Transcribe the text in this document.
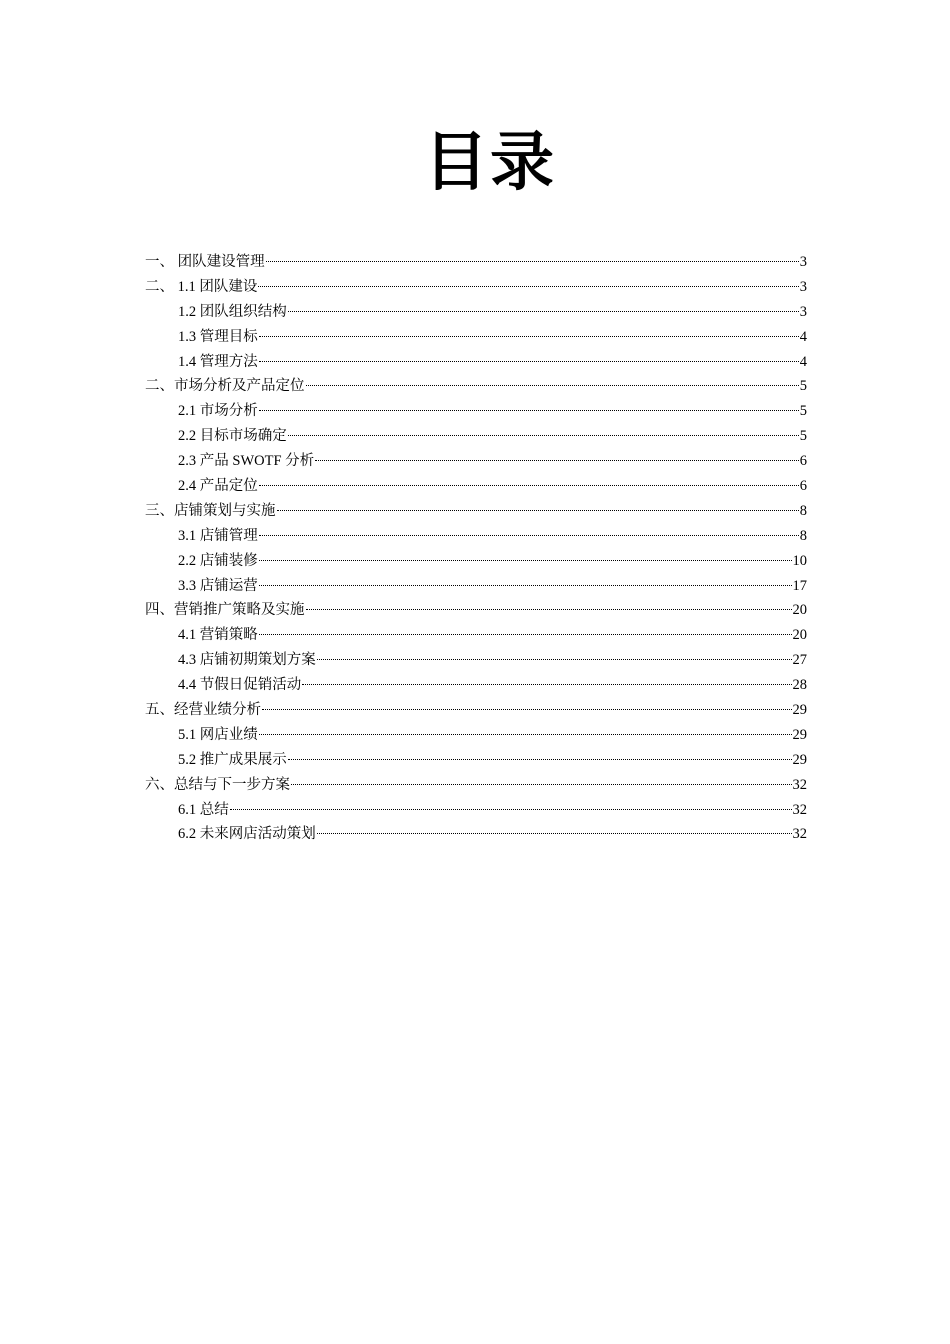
目录
一、 团队建设管理	3
二、 1.1 团队建设	3
1.2 团队组织结构	3
1.3 管理目标	4
1.4 管理方法	4
二、市场分析及产品定位	5
2.1 市场分析	5
2.2 目标市场确定	5
2.3 产品 SWOTF 分析	6
2.4 产品定位	6
三、店铺策划与实施	8
3.1 店铺管理	8
2.2 店铺装修	10
3.3 店铺运营	17
四、营销推广策略及实施	20
4.1 营销策略	20
4.3 店铺初期策划方案	27
4.4 节假日促销活动	28
五、经营业绩分析	29
5.1 网店业绩	29
5.2 推广成果展示	29
六、总结与下一步方案	32
6.1 总结	32
6.2 未来网店活动策划	32
